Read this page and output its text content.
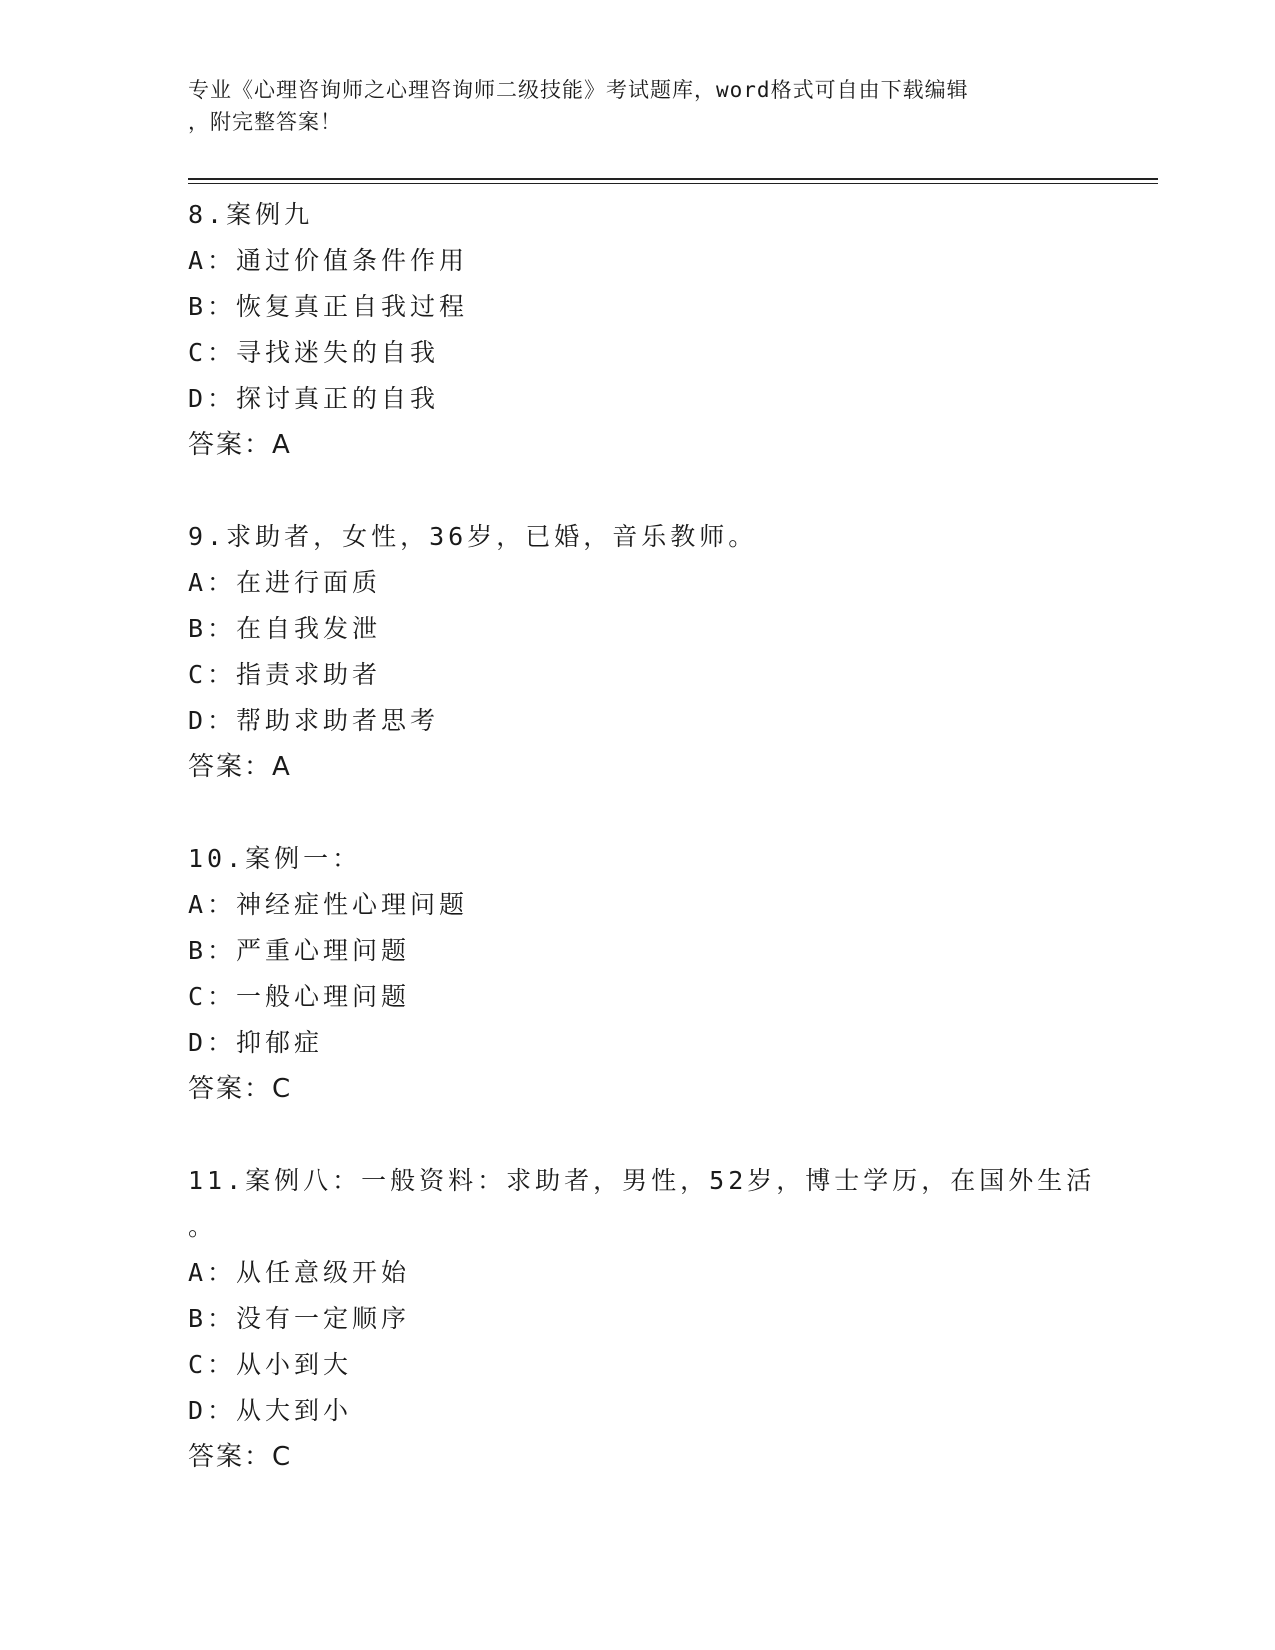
专业《心理咨询师之心理咨询师二级技能》考试题库，word格式可自由下载编辑
，附完整答案！
8.案例九
A：通过价值条件作用
B：恢复真正自我过程
C：寻找迷失的自我
D：探讨真正的自我
答案：A
9.求助者，女性，36岁，已婚，音乐教师。
A：在进行面质
B：在自我发泄
C：指责求助者
D：帮助求助者思考
答案：A
10.案例一：
A：神经症性心理问题
B：严重心理问题
C：一般心理问题
D：抑郁症
答案：C
11.案例八：一般资料：求助者，男性，52岁，博士学历，在国外生活
。
A：从任意级开始
B：没有一定顺序
C：从小到大
D：从大到小
答案：C
